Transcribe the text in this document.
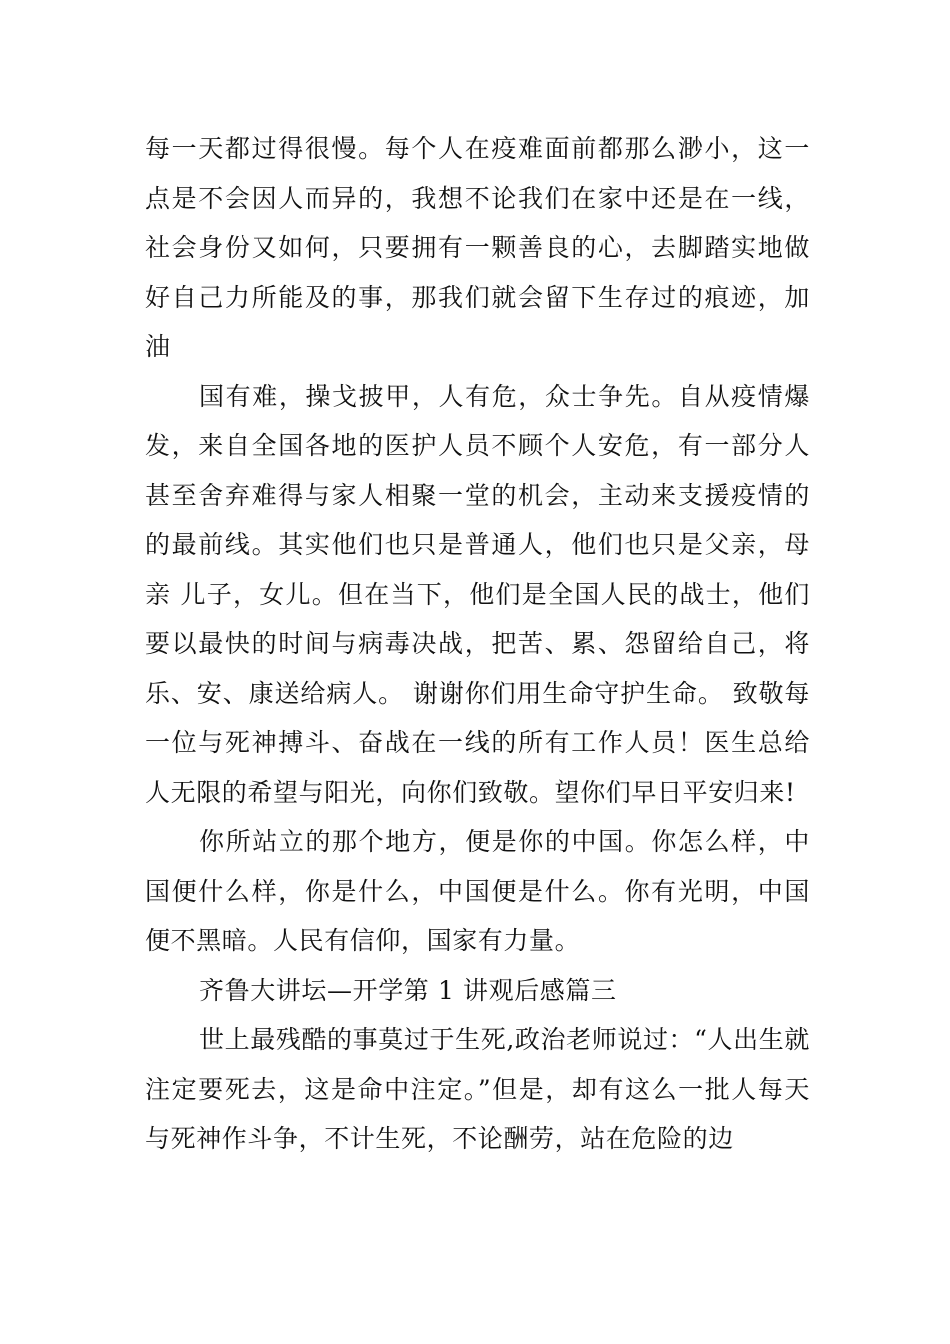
每一天都过得很慢。每个人在疫难面前都那么渺小，这一点是不会因人而异的，我想不论我们在家中还是在一线，社会身份又如何，只要拥有一颗善良的心，去脚踏实地做好自己力所能及的事，那我们就会留下生存过的痕迹，加油

国有难，操戈披甲，人有危，众士争先。自从疫情爆发，来自全国各地的医护人员不顾个人安危，有一部分人甚至舍弃难得与家人相聚一堂的机会，主动来支援疫情的的最前线。其实他们也只是普通人，他们也只是父亲，母亲 儿子，女儿。但在当下，他们是全国人民的战士，他们要以最快的时间与病毒决战，把苦、累、怨留给自己，将乐、安、康送给病人。 谢谢你们用生命守护生命。 致敬每一位与死神搏斗、奋战在一线的所有工作人员！医生总给人无限的希望与阳光，向你们致敬。望你们早日平安归来!

你所站立的那个地方，便是你的中国。你怎么样，中国便什么样，你是什么，中国便是什么。你有光明，中国便不黑暗。人民有信仰，国家有力量。

齐鲁大讲坛—开学第 1 讲观后感篇三

世上最残酷的事莫过于生死,政治老师说过：“人出生就注定要死去，这是命中注定。”但是，却有这么一批人每天与死神作斗争，不计生死，不论酬劳，站在危险的边
